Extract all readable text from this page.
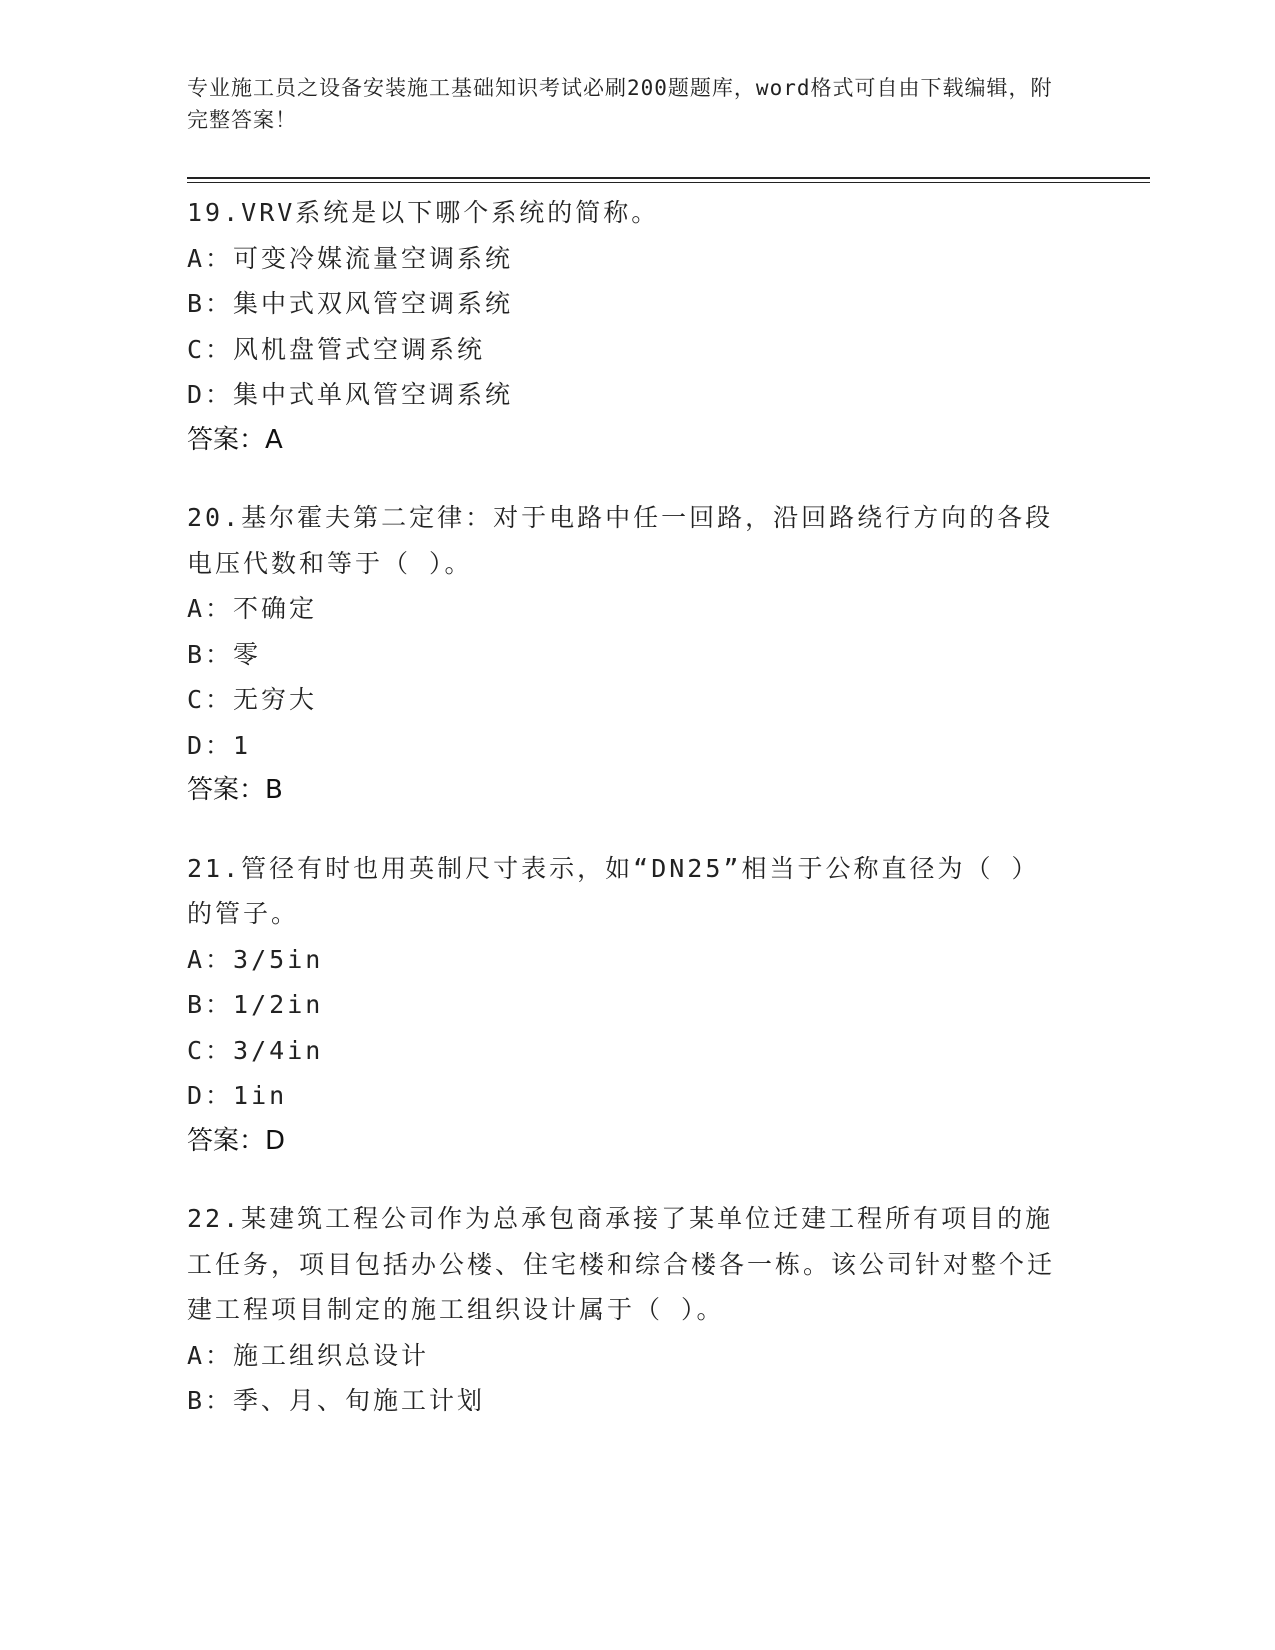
专业施工员之设备安装施工基础知识考试必刷200题题库，word格式可自由下载编辑，附完整答案！
19.VRV系统是以下哪个系统的简称。
A：可变冷媒流量空调系统
B：集中式双风管空调系统
C：风机盘管式空调系统
D：集中式单风管空调系统
答案：A
20.基尔霍夫第二定律：对于电路中任一回路，沿回路绕行方向的各段电压代数和等于（ ）。
A：不确定
B：零
C：无穷大
D：1
答案：B
21.管径有时也用英制尺寸表示，如“DN25”相当于公称直径为（ ）的管子。
A：3/5in
B：1/2in
C：3/4in
D：1in
答案：D
22.某建筑工程公司作为总承包商承接了某单位迁建工程所有项目的施工任务，项目包括办公楼、住宅楼和综合楼各一栋。该公司针对整个迁建工程项目制定的施工组织设计属于（ ）。
A：施工组织总设计
B：季、月、旬施工计划
